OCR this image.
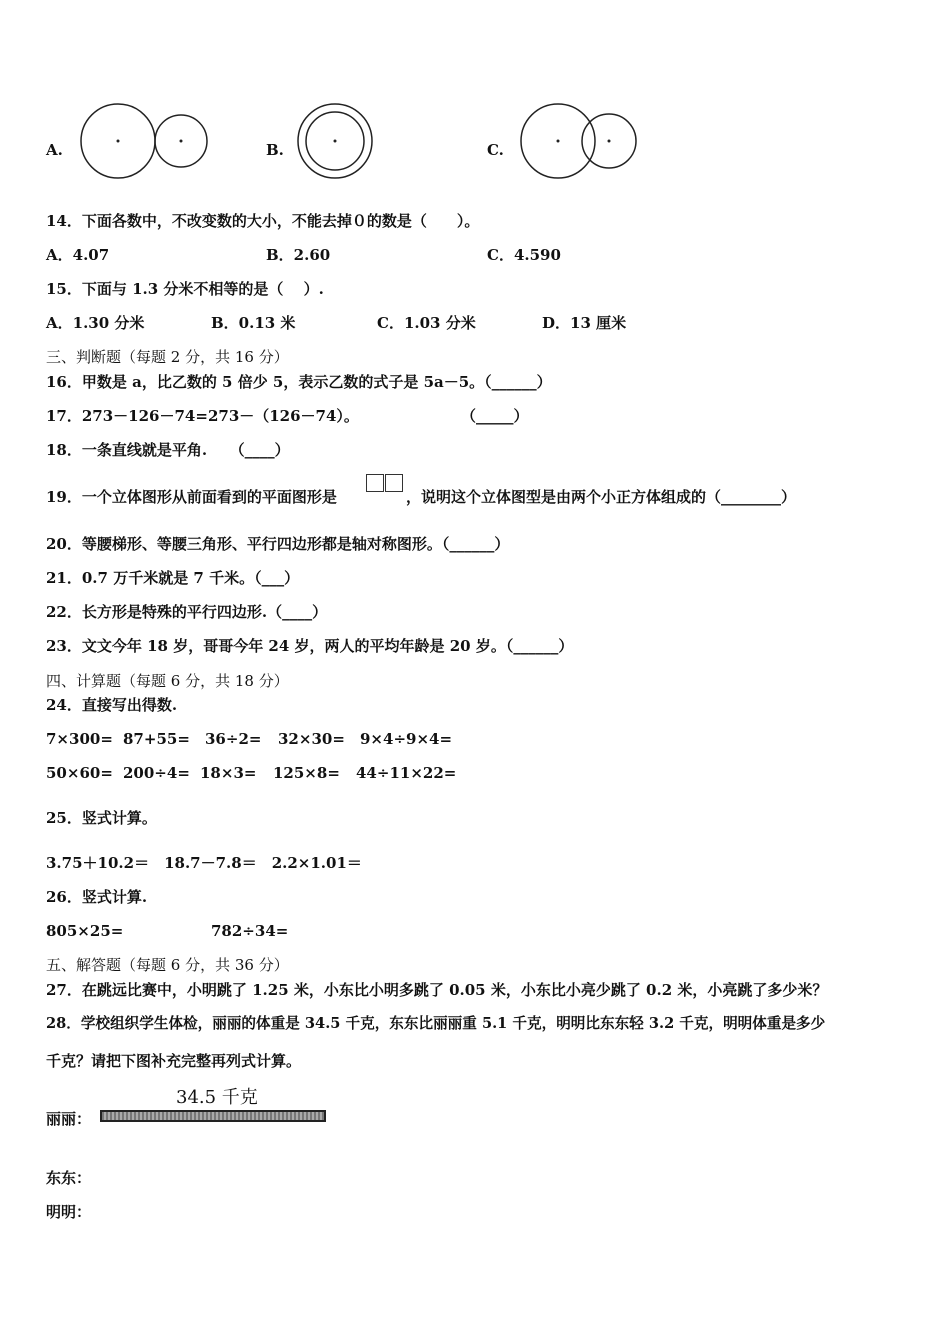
A.	B.	C.
14．下面各数中，不改变数的大小，不能去掉０的数是（　　）。
A．4.07	B．2.60	C．4.590
15．下面与 1.3 分米不相等的是（　 ）.
A．1.30 分米	B．0.13 米	C．1.03 分米	D．13 厘米
三、判断题（每题 2 分，共 16 分）
16．甲数是 a，比乙数的 5 倍少 5，表示乙数的式子是 5a－5。（______）
17．273－126－74=273－（126－74）。	（_____）
18．一条直线就是平角.　　（____）
19．一个立体图形从前面看到的平面图形是	，说明这个立体图型是由两个小正方体组成的（________）
20．等腰梯形、等腰三角形、平行四边形都是轴对称图形。（______）
21．0.7 万千米就是 7 千米。（___）
22．长方形是特殊的平行四边形.（____）
23．文文今年 18 岁，哥哥今年 24 岁，两人的平均年龄是 20 岁。（______）
四、计算题（每题 6 分，共 18 分）
24．直接写出得数.
7×300= 87+55= 36÷2= 32×30= 9×4÷9×4=
50×60= 200÷4= 18×3= 125×8= 44÷11×22=
25．竖式计算。
3.75＋10.2＝　18.7－7.8＝　2.2×1.01＝
26．竖式计算.
805×25=	782÷34=
五、解答题（每题 6 分，共 36 分）
27．在跳远比赛中，小明跳了 1.25 米，小东比小明多跳了 0.05 米，小东比小亮少跳了 0.2 米，小亮跳了多少米？
28．学校组织学生体检，丽丽的体重是 34.5 千克，东东比丽丽重 5.1 千克，明明比东东轻 3.2 千克，明明体重是多少
千克？请把下图补充完整再列式计算。
34.5 千克
丽丽：
东东：
明明：
